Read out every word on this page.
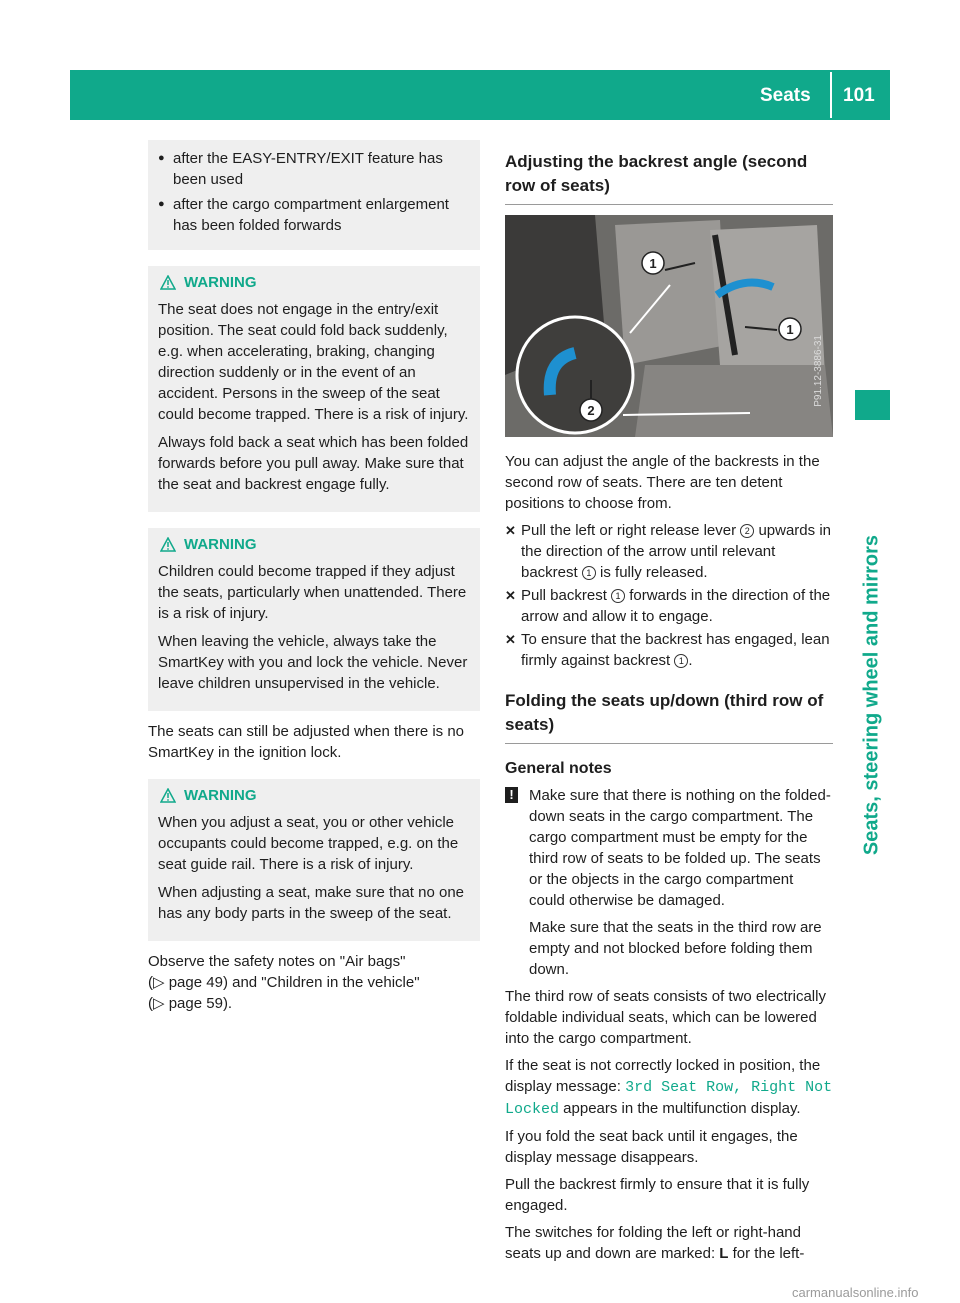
Seats 101
Seats, steering wheel and mirrors
● after the EASY-ENTRY/EXIT feature has been used
● after the cargo compartment enlargement has been folded forwards
WARNING

The seat does not engage in the entry/exit position. The seat could fold back suddenly, e.g. when accelerating, braking, changing direction suddenly or in the event of an accident. Persons in the sweep of the seat could become trapped. There is a risk of injury.

Always fold back a seat which has been folded forwards before you pull away. Make sure that the seat and backrest engage fully.

WARNING

Children could become trapped if they adjust the seats, particularly when unattended. There is a risk of injury.

When leaving the vehicle, always take the SmartKey with you and lock the vehicle. Never leave children unsupervised in the vehicle.

The seats can still be adjusted when there is no SmartKey in the ignition lock.

WARNING

When you adjust a seat, you or other vehicle occupants could become trapped, e.g. on the seat guide rail. There is a risk of injury.

When adjusting a seat, make sure that no one has any body parts in the sweep of the seat.

Observe the safety notes on "Air bags"
(▷ page 49) and "Children in the vehicle"
(▷ page 59).

Adjusting the backrest angle (second row of seats)
1
1
2
P91.12-3886-31

You can adjust the angle of the backrests in the second row of seats. There are ten detent positions to choose from.

✕ Pull the left or right release lever 2 upwards in the direction of the arrow until relevant backrest 1 is fully released.
✕ Pull backrest 1 forwards in the direction of the arrow and allow it to engage.
✕ To ensure that the backrest has engaged, lean firmly against backrest 1 .
Folding the seats up/down (third row of seats)
General notes
! Make sure that there is nothing on the folded-down seats in the cargo compartment. The cargo compartment must be empty for the third row of seats to be folded up. The seats or the objects in the cargo compartment could otherwise be damaged.

Make sure that the seats in the third row are empty and not blocked before folding them down.

The third row of seats consists of two electrically foldable individual seats, which can be lowered into the cargo compartment.

If the seat is not correctly locked in position, the display message: 3rd Seat Row, Right Not Locked appears in the multifunction display.

If you fold the seat back until it engages, the display message disappears.

Pull the backrest firmly to ensure that it is fully engaged.

The switches for folding the left or right-hand seats up and down are marked: L for the left-

carmanualsonline.info
